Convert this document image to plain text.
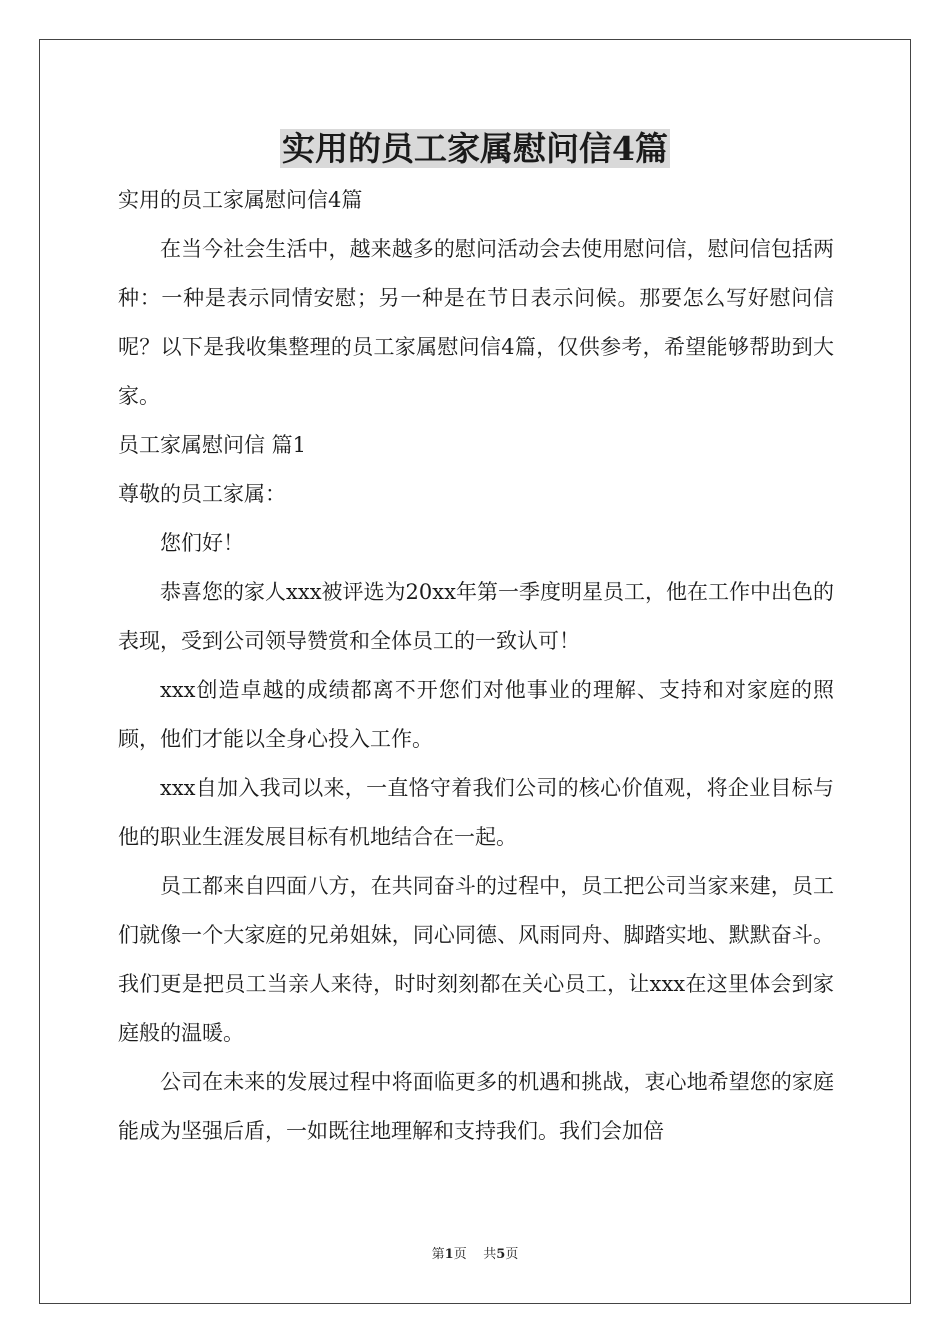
实用的员工家属慰问信4篇

实用的员工家属慰问信4篇

在当今社会生活中，越来越多的慰问活动会去使用慰问信，慰问信包括两种：一种是表示同情安慰；另一种是在节日表示问候。那要怎么写好慰问信呢？以下是我收集整理的员工家属慰问信4篇，仅供参考，希望能够帮助到大家。

员工家属慰问信 篇1

尊敬的员工家属：

您们好！

恭喜您的家人xxx被评选为20xx年第一季度明星员工，他在工作中出色的表现，受到公司领导赞赏和全体员工的一致认可！

xxx创造卓越的成绩都离不开您们对他事业的理解、支持和对家庭的照顾，他们才能以全身心投入工作。

xxx自加入我司以来，一直恪守着我们公司的核心价值观，将企业目标与他的职业生涯发展目标有机地结合在一起。

员工都来自四面八方，在共同奋斗的过程中，员工把公司当家来建，员工们就像一个大家庭的兄弟姐妹，同心同德、风雨同舟、脚踏实地、默默奋斗。我们更是把员工当亲人来待，时时刻刻都在关心员工，让xxx在这里体会到家庭般的温暖。

公司在未来的发展过程中将面临更多的机遇和挑战，衷心地希望您的家庭能成为坚强后盾，一如既往地理解和支持我们。我们会加倍

第1页 共5页
